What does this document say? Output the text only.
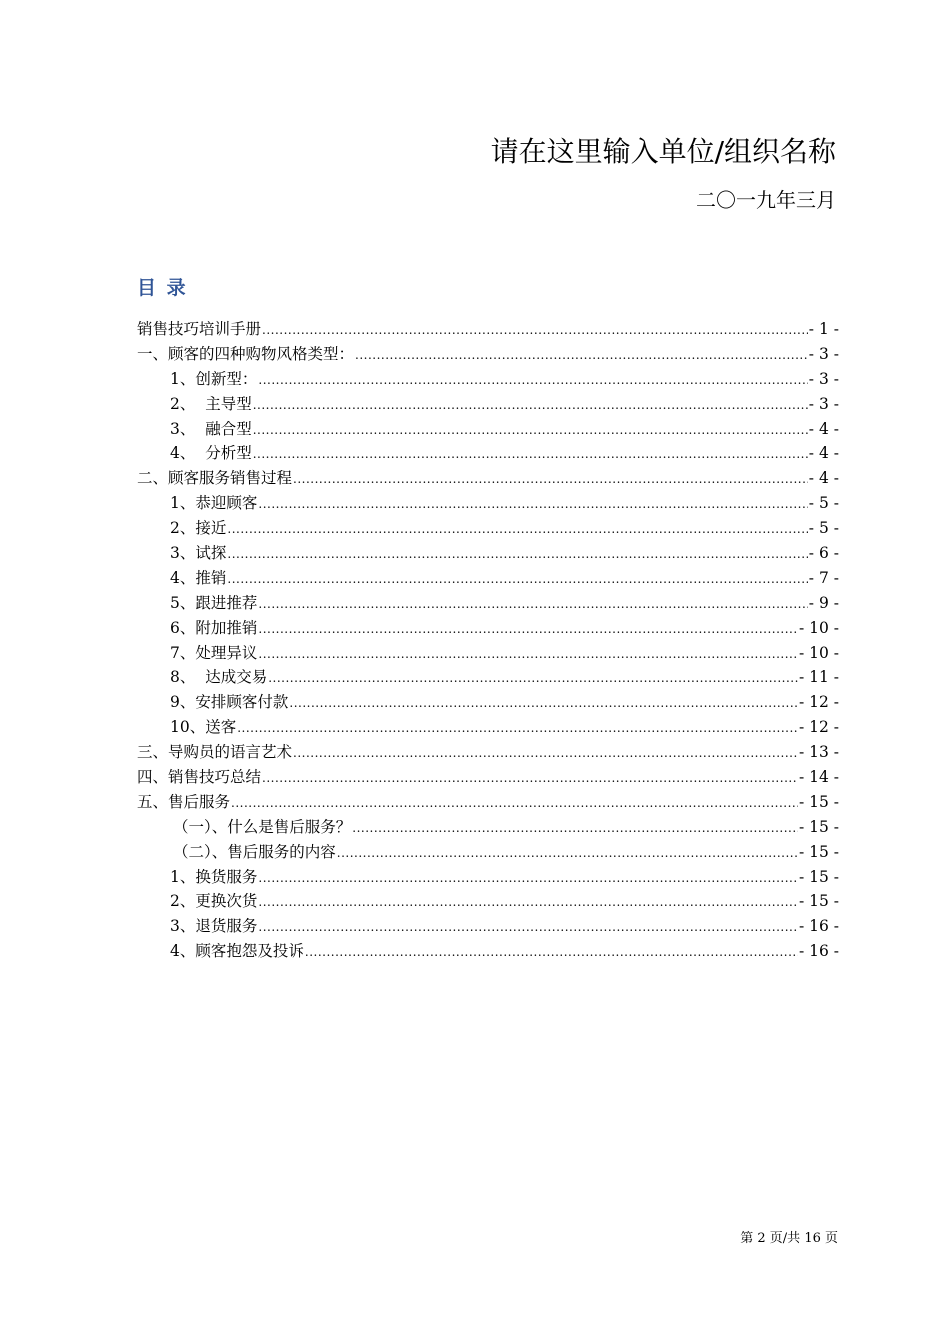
请在这里输入单位/组织名称
二〇一九年三月
目 录
销售技巧培训手册 .....	- 1 -
一、顾客的四种购物风格类型： .....	- 3 -
1、创新型： .....	- 3 -
2、  主导型 .....	- 3 -
3、  融合型 .....	- 4 -
4、  分析型 .....	- 4 -
二、顾客服务销售过程 .....	- 4 -
1、恭迎顾客 .....	- 5 -
2、接近 .....	- 5 -
3、试探 .....	- 6 -
4、推销 .....	- 7 -
5、跟进推荐 .....	- 9 -
6、附加推销 .....	- 10 -
7、处理异议 .....	- 10 -
8、  达成交易 .....	- 11 -
9、安排顾客付款 .....	- 12 -
10、送客 .....	- 12 -
三、导购员的语言艺术 .....	- 13 -
四、销售技巧总结 .....	- 14 -
五、售后服务 .....	- 15 -
（一）、什么是售后服务？ .....	- 15 -
（二）、售后服务的内容 .....	- 15 -
1、换货服务 .....	- 15 -
2、更换次货 .....	- 15 -
3、退货服务 .....	- 16 -
4、顾客抱怨及投诉 .....	- 16 -
第 2 页/共 16 页
